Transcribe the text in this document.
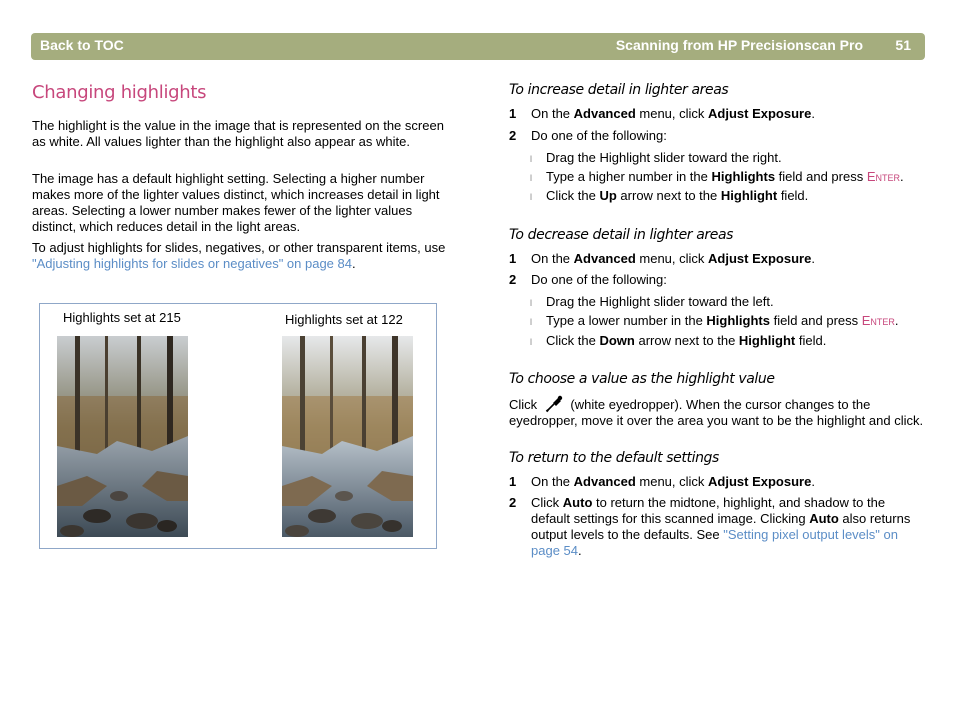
Back to TOC	Scanning from HP Precisionscan Pro 51
Changing highlights

The highlight is the value in the image that is represented on the screen as white. All values lighter than the highlight also appear as white.

The image has a default highlight setting. Selecting a higher number makes more of the lighter values distinct, which increases detail in light areas. Selecting a lower number makes fewer of the lighter values distinct, which reduces detail in the light areas.

To adjust highlights for slides, negatives, or other transparent items, use "Adjusting highlights for slides or negatives" on page 84.

Highlights set at 215	Highlights set at 122
To increase detail in lighter areas
1 On the Advanced menu, click Adjust Exposure.
2 Do one of the following:
l Drag the Highlight slider toward the right.
l Type a higher number in the Highlights field and press Enter.
l Click the Up arrow next to the Highlight field.
To decrease detail in lighter areas
1 On the Advanced menu, click Adjust Exposure.
2 Do one of the following:
l Drag the Highlight slider toward the left.
l Type a lower number in the Highlights field and press Enter.
l Click the Down arrow next to the Highlight field.
To choose a value as the highlight value
Click	(white eyedropper). When the cursor changes to the eyedropper, move it over the area you want to be the highlight and click.
To return to the default settings
1 On the Advanced menu, click Adjust Exposure.
2 Click Auto to return the midtone, highlight, and shadow to the default settings for this scanned image. Clicking Auto also returns output levels to the defaults. See "Setting pixel output levels" on page 54.
